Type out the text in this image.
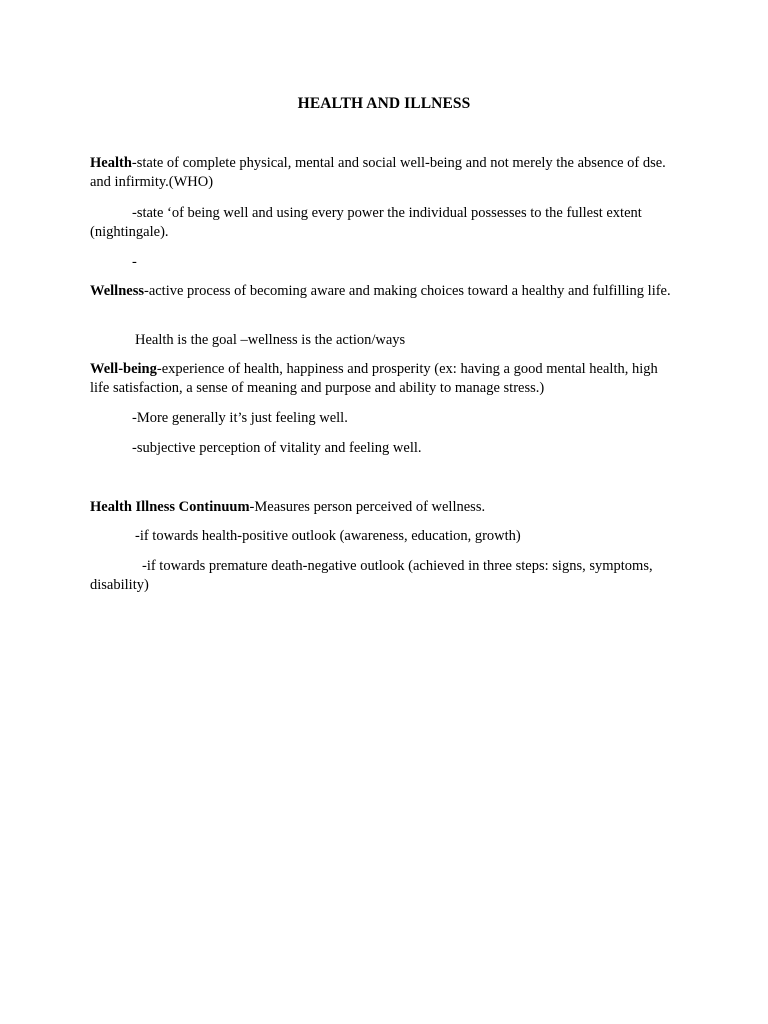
HEALTH AND ILLNESS

Health-state of complete physical, mental and social well-being and not merely the absence of dse. and infirmity.(WHO)

-state ‘of being well and using every power the individual possesses to the fullest extent (nightingale).

-

Wellness-active process of becoming aware and making choices toward a healthy and fulfilling life.

Health is the goal –wellness is the action/ways

Well-being-experience of health, happiness and prosperity (ex: having a good mental health, high life satisfaction, a sense of meaning and purpose and ability to manage stress.)

-More generally it’s just feeling well.

-subjective perception of vitality and feeling well.

Health Illness Continuum-Measures person perceived of wellness.

-if towards health-positive outlook (awareness, education, growth)

-if towards premature death-negative outlook (achieved in three steps: signs, symptoms, disability)
